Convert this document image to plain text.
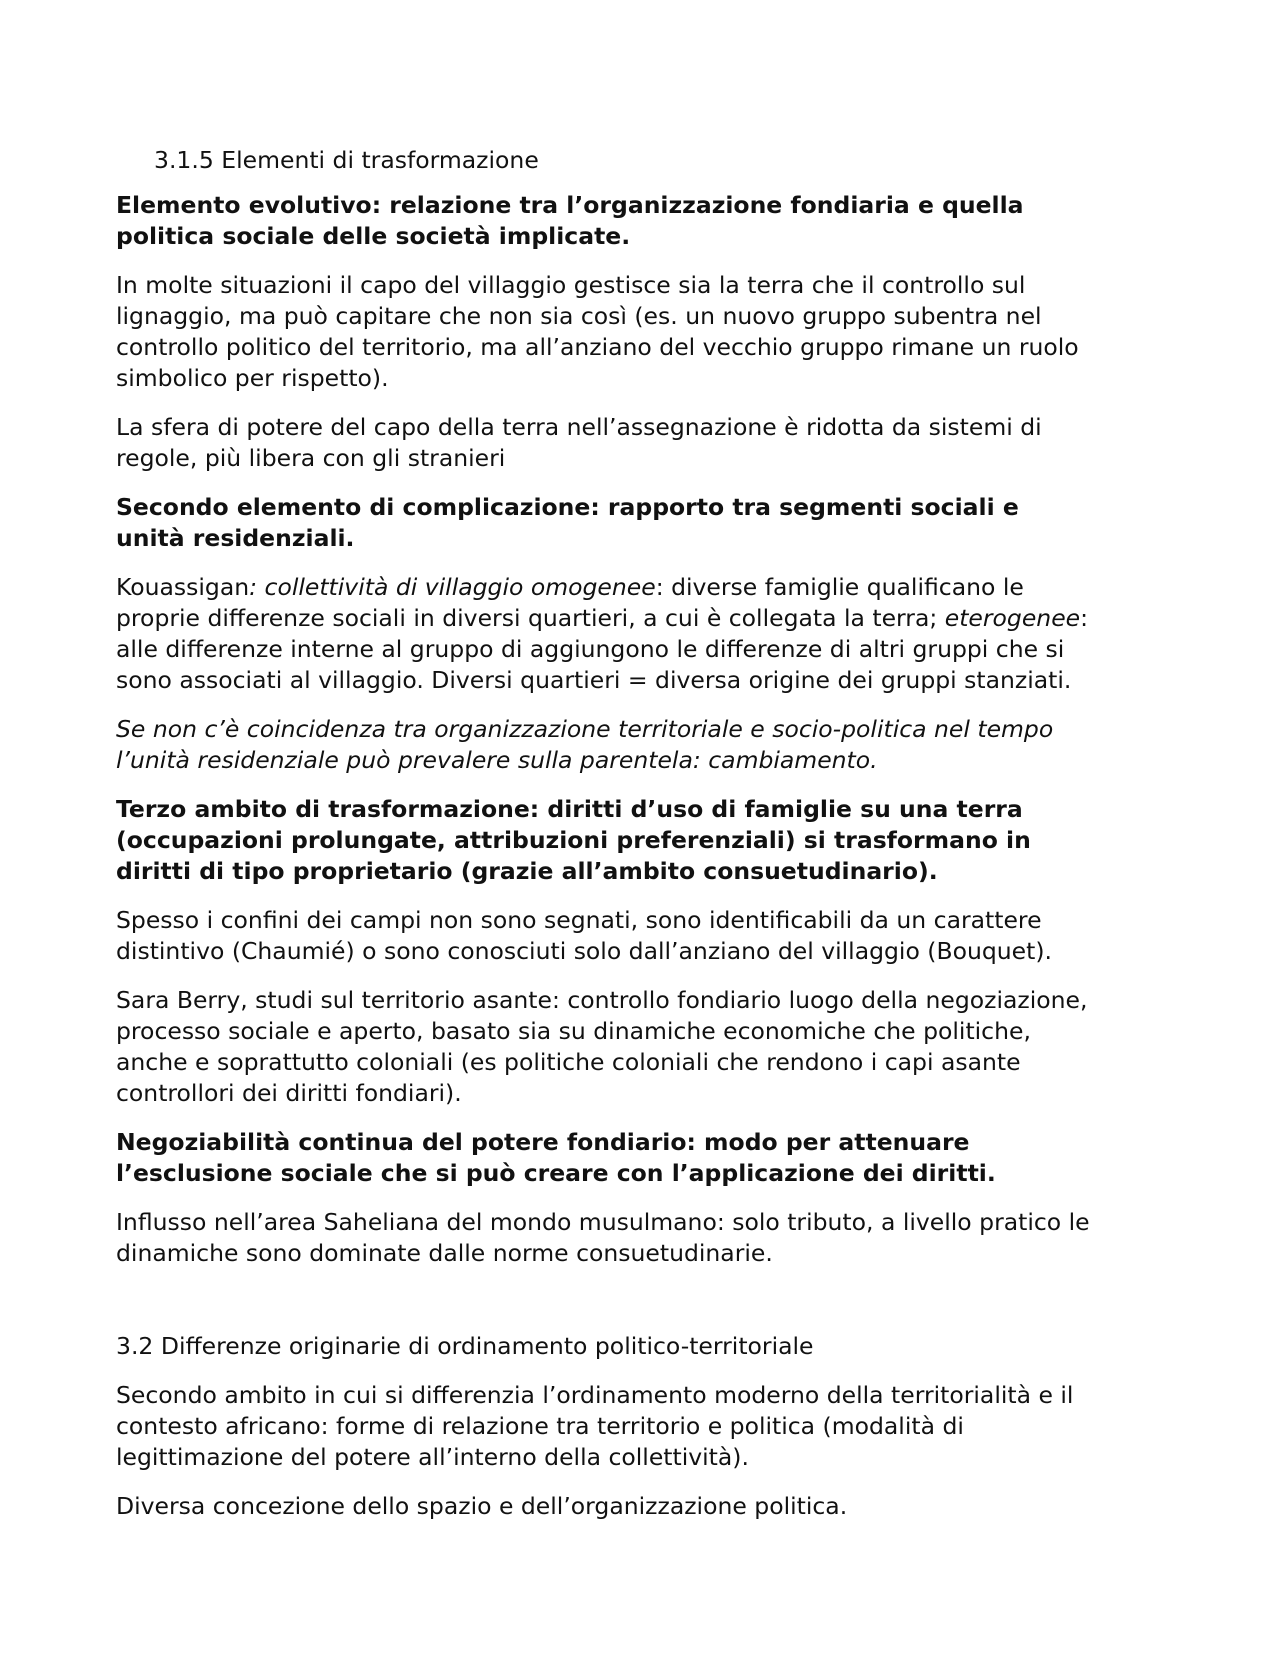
3.1.5 Elementi di trasformazione

Elemento evolutivo: relazione tra l’organizzazione fondiaria e quella
politica sociale delle società implicate.

In molte situazioni il capo del villaggio gestisce sia la terra che il controllo sul
lignaggio, ma può capitare che non sia così (es. un nuovo gruppo subentra nel
controllo politico del territorio, ma all’anziano del vecchio gruppo rimane un ruolo
simbolico per rispetto).

La sfera di potere del capo della terra nell’assegnazione è ridotta da sistemi di
regole, più libera con gli stranieri

Secondo elemento di complicazione: rapporto tra segmenti sociali e
unità residenziali.

Kouassigan: collettività di villaggio omogenee: diverse famiglie qualificano le
proprie differenze sociali in diversi quartieri, a cui è collegata la terra; eterogenee:
alle differenze interne al gruppo di aggiungono le differenze di altri gruppi che si
sono associati al villaggio. Diversi quartieri = diversa origine dei gruppi stanziati.

Se non c’è coincidenza tra organizzazione territoriale e socio-politica nel tempo
l’unità residenziale può prevalere sulla parentela: cambiamento.

Terzo ambito di trasformazione: diritti d’uso di famiglie su una terra
(occupazioni prolungate, attribuzioni preferenziali) si trasformano in
diritti di tipo proprietario (grazie all’ambito consuetudinario).

Spesso i confini dei campi non sono segnati, sono identificabili da un carattere
distintivo (Chaumié) o sono conosciuti solo dall’anziano del villaggio (Bouquet).

Sara Berry, studi sul territorio asante: controllo fondiario luogo della negoziazione,
processo sociale e aperto, basato sia su dinamiche economiche che politiche,
anche e soprattutto coloniali (es politiche coloniali che rendono i capi asante
controllori dei diritti fondiari).

Negoziabilità continua del potere fondiario: modo per attenuare
l’esclusione sociale che si può creare con l’applicazione dei diritti.

Influsso nell’area Saheliana del mondo musulmano: solo tributo, a livello pratico le
dinamiche sono dominate dalle norme consuetudinarie.

3.2 Differenze originarie di ordinamento politico-territoriale

Secondo ambito in cui si differenzia l’ordinamento moderno della territorialità e il
contesto africano: forme di relazione tra territorio e politica (modalità di
legittimazione del potere all’interno della collettività).

Diversa concezione dello spazio e dell’organizzazione politica.
